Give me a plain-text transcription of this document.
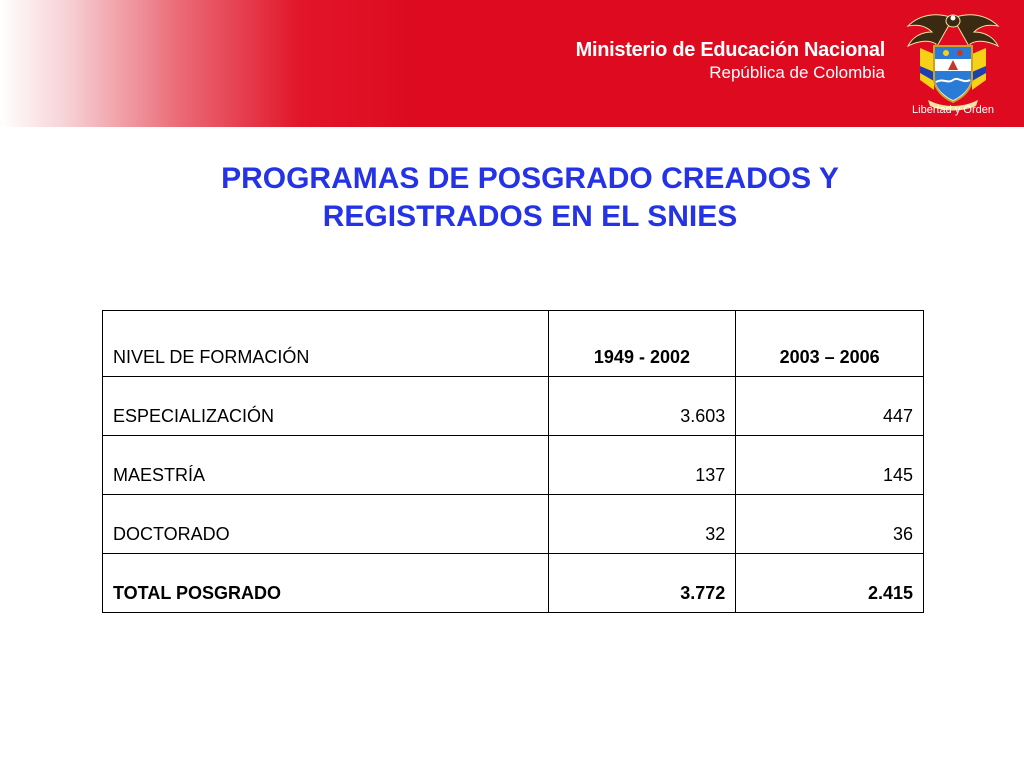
Ministerio de Educación Nacional
República de Colombia
Libertad y Orden
PROGRAMAS DE POSGRADO CREADOS Y
REGISTRADOS EN EL SNIES
NIVEL DE FORMACIÓN	1949 - 2002	2003 – 2006
ESPECIALIZACIÓN	3.603	447
MAESTRÍA	137	145
DOCTORADO	32	36
TOTAL POSGRADO	3.772	2.415
